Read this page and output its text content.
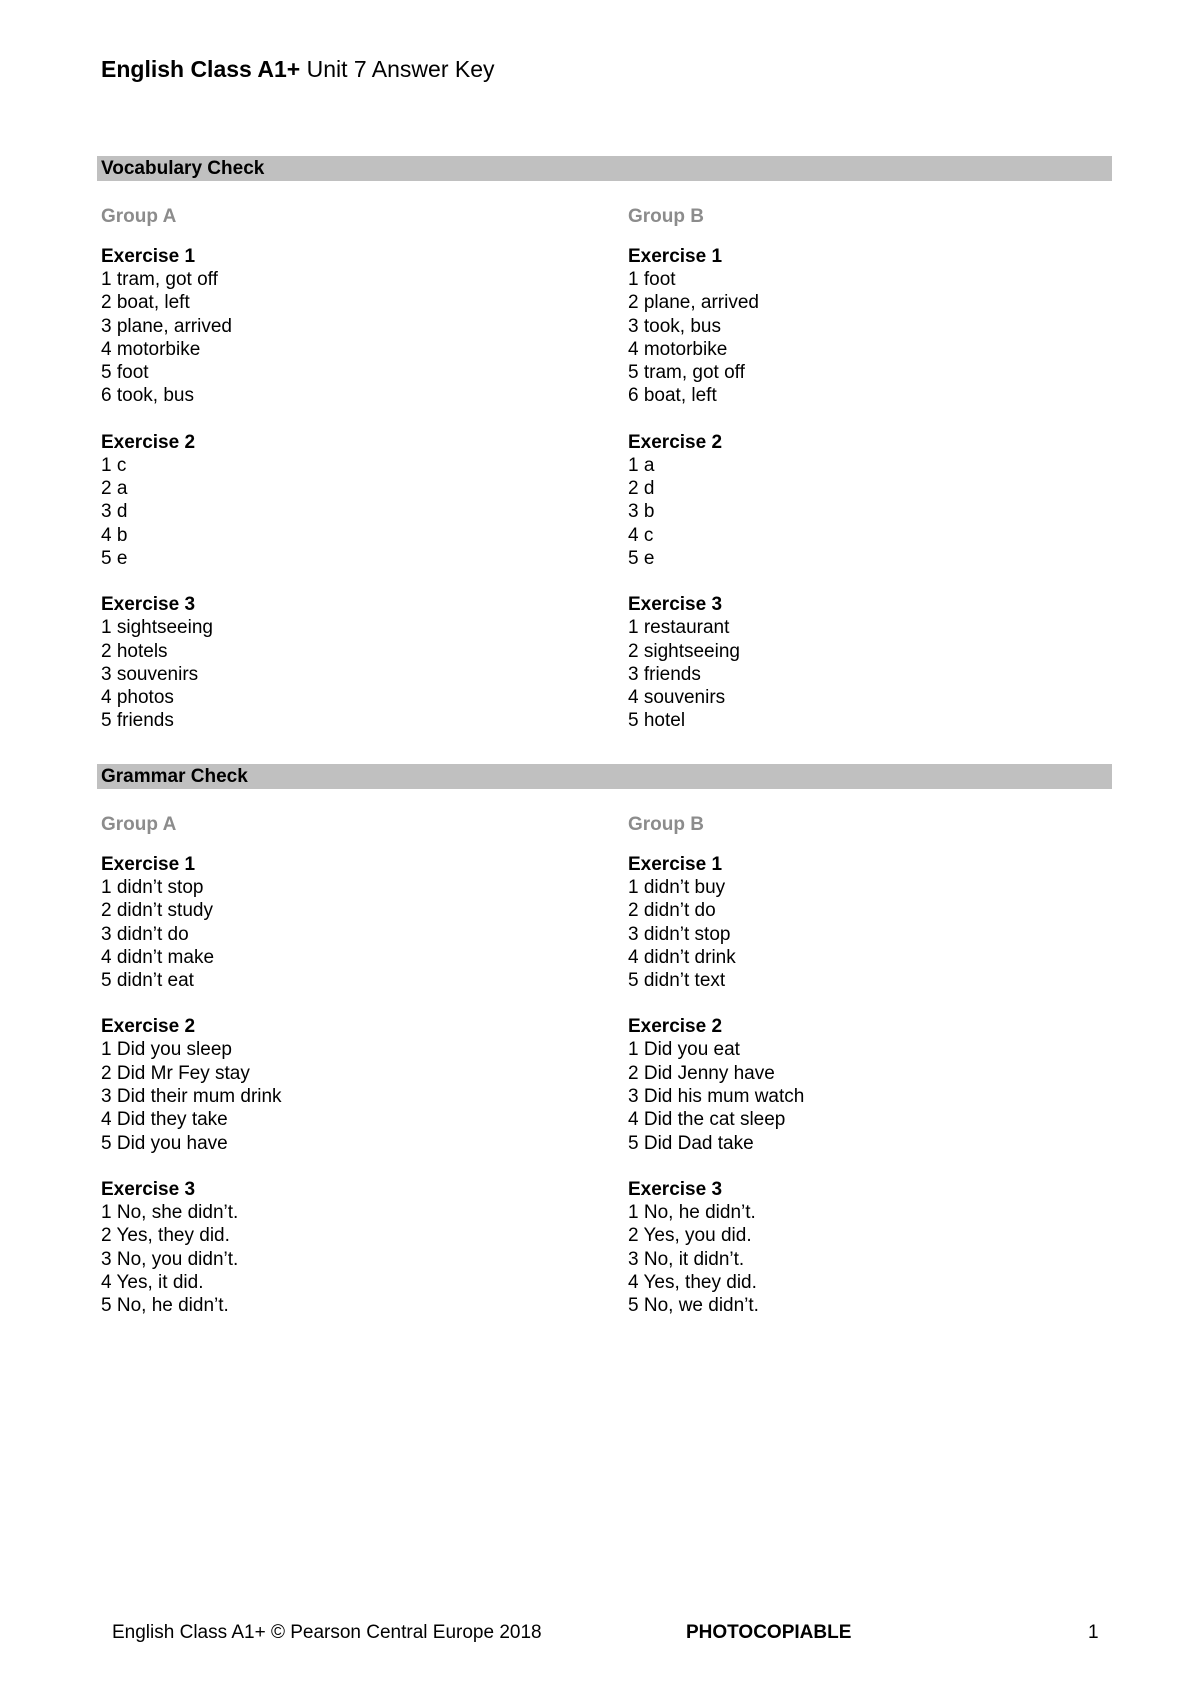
English Class A1+ Unit 7 Answer Key
Vocabulary Check
Group A
Exercise 1
1 tram, got off
2 boat, left
3 plane, arrived
4 motorbike
5 foot
6 took, bus
Exercise 2
1 c
2 a
3 d
4 b
5 e
Exercise 3
1 sightseeing
2 hotels
3 souvenirs
4 photos
5 friends
Group B
Exercise 1
1 foot
2 plane, arrived
3 took, bus
4 motorbike
5 tram, got off
6 boat, left
Exercise 2
1 a
2 d
3 b
4 c
5 e
Exercise 3
1 restaurant
2 sightseeing
3 friends
4 souvenirs
5 hotel
Grammar Check
Group A
Exercise 1
1 didn’t stop
2 didn’t study
3 didn’t do
4 didn’t make
5 didn’t eat
Exercise 2
1 Did you sleep
2 Did Mr Fey stay
3 Did their mum drink
4 Did they take
5 Did you have
Exercise 3
1 No, she didn’t.
2 Yes, they did.
3 No, you didn’t.
4 Yes, it did.
5 No, he didn’t.
Group B
Exercise 1
1 didn’t buy
2 didn’t do
3 didn’t stop
4 didn’t drink
5 didn’t text
Exercise 2
1 Did you eat
2 Did Jenny have
3 Did his mum watch
4 Did the cat sleep
5 Did Dad take
Exercise 3
1 No, he didn’t.
2 Yes, you did.
3 No, it didn’t.
4 Yes, they did.
5 No, we didn’t.
English Class A1+ © Pearson Central Europe 2018	PHOTOCOPIABLE	1
